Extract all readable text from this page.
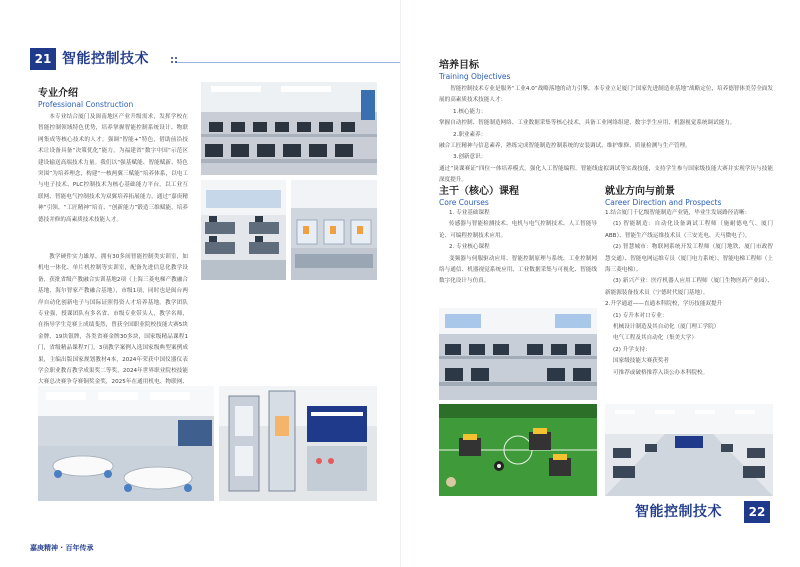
21 智能控制技术
专业介绍
Professional Construction

本专业结合厦门及闽南地区产业升级需求，发挥学校在智能控制领域特色优势，培养掌握智能控制系统设计、物联网集成等核心技术的人才。强调“智能+”特色，借助前沿技术让设备具备“决策优化”能力，为福建省“数字中国”示范区建设输送高端技术力量。我们以“强基赋能、智能赋新、特色突围”为培养理念，构建“一核两翼三赋能”培养体系，以电工与电子技术、PLC控制技术为核心基础能力平台，以工业互联网、智能电气控制技术为双翼培养拓展能力，通过“嘉庚精神”引领、“工匠精神”培育、“创新能力”锻造三维赋能，培养德技并修的高素质技术技能人才。

教学硬件实力雄厚，拥有30多间智能控制类实训室，如机电一体化、单片机控制等实训室，配备先进信息化教学设备，获批省级产教融合实训基地2项（上海三菱电梯产教融合基地、海尔智家产教融合基地），市级1项，同时也是闽台两岸自动化创新电子与国际证照得资人才培养基地。教学团队专业强，授课团队有多名省、市级专业带头人，教学名师，在指导学生竞赛上成绩斐然，曾获全国职业院校技能大赛5块金牌、19块银牌，各类省赛金牌30多块，国家级精品课程1门，省级精品课程7门，3项教学案例入选国家级典型案例成果，主编出版国家规划教材4本，2024年荣获中国仪器仪表学会职业教育教学成果奖二等奖，2024年世界职业院校技能大赛总决赛争夺赛铜奖金奖，2025年在通用机电、物联网、

嘉庚精神 · 百年传承
培养目标
Training Objectives

智能控制技术专业是服务“工业4.0”战略落地的动力引擎，本专业立足厦门“国家先进制造业基地”战略定位，培养德智体美劳全面发展的高素质技术技能人才：

1.核心能力：
掌握自动控制、智能制造网络、工业数据采集等核心技术，具备工业网络组建、数字孪生应用、机器视觉系统调试能力。
2.职业素养：
融合工匠精神与信息素养，熟练完成智能制造控制系统的安装调试、维护维修、质量检测与生产管理。
3.创新意识：
通过“岗课赛证”四位一体培养模式，强化人工智能编程、智能线虚拟调试等实战技能，支持学生参与国家级技能大赛并实现学历与技能深度提升。
主干（核心）课程
Core Courses
1. 专业基础课程
传感器与智能检测技术、电机与电气控制技术、人工智能导论、可编程控制技术应用。
2. 专业核心课程
变频器与伺服驱动应用、智能控制原理与系统、工业控制网络与通信、机器视觉系统应用、工业数据采集与可视化、智能线数字化设计与仿真。
就业方向与前景
Career Direction and Prospects
1.结合厦门千亿级智能制造产业链，毕业生发展路径清晰：
(1) 智能制造：自动化设备调试工程师（施耐德电气、厦门ABB）、智能生产线运维技术员（三安光电、天马微电子）。
(2) 智慧城市：物联网系统开发工程师（厦门地铁、厦门市政智慧交通）、智能电网运维专员（厦门电力系统）、智能电梯工程师（上海三菱电梯）。
(3) 新兴产业：医疗机器人应用工程师（厦门生物医药产业园）、新能源装备技术员（宁德时代厦门基地）。
2.升学通道——直通本科院校，学历技能双提升
(1) 专升本对口专业：
机械设计制造及其自动化（厦门理工学院）
电气工程及其自动化（集美大学）
(2) 升学支持：
国家级技能大赛获奖者
可推荐或破格推荐入读公办本科院校。
智能控制技术	22
